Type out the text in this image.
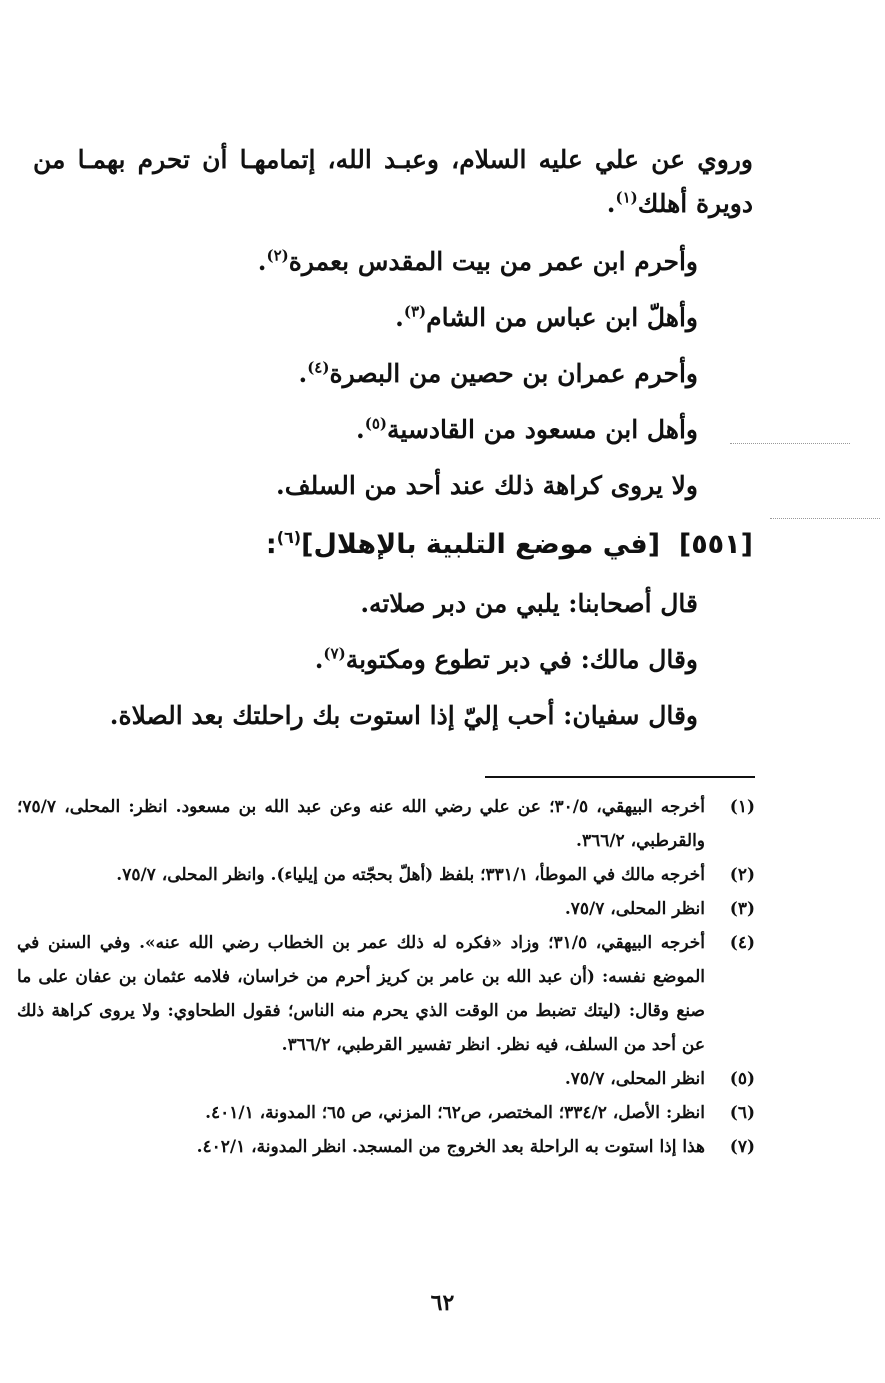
وروي عن علي عليه السلام، وعبـد الله، إتمامهـا أن تحرم بهمـا من دويرة أهلك$^{(١)}$.

وأحرم ابن عمر من بيت المقدس بعمرة$^{(٢)}$.

وأهلّ ابن عباس من الشام$^{(٣)}$.

وأحرم عمران بن حصين من البصرة$^{(٤)}$.

وأهل ابن مسعود من القادسية$^{(٥)}$.

ولا يروى كراهة ذلك عند أحد من السلف.

[٥٥١]  [في موضع التلبية بالإهلال]$^{(٦)}$:

قال أصحابنا: يلبي من دبر صلاته.

وقال مالك: في دبر تطوع ومكتوبة$^{(٧)}$.

وقال سفيان: أحب إليّ إذا استوت بك راحلتك بعد الصلاة.

(١)
أخرجه البيهقي، ٣٠/٥؛ عن علي رضي الله عنه وعن عبد الله بن مسعود. انظر: المحلى، ٧٥/٧؛ والقرطبي، ٣٦٦/٢.

(٢)
أخرجه مالك في الموطأ، ٣٣١/١؛ بلفظ (أهلّ بحجّته من إيلياء). وانظر المحلى، ٧٥/٧.

(٣)
انظر المحلى، ٧٥/٧.

(٤)
أخرجه البيهقي، ٣١/٥؛ وزاد «فكره له ذلك عمر بن الخطاب رضي الله عنه». وفي السنن في الموضع نفسه: (أن عبد الله بن عامر بن كريز أحرم من خراسان، فلامه عثمان بن عفان على ما صنع وقال: (ليتك تضبط من الوقت الذي يحرم منه الناس؛ فقول الطحاوي: ولا يروى كراهة ذلك عن أحد من السلف، فيه نظر. انظر تفسير القرطبي، ٣٦٦/٢.

(٥)
انظر المحلى، ٧٥/٧.

(٦)
انظر: الأصل، ٣٣٤/٢؛ المختصر، ص٦٢؛ المزني، ص ٦٥؛ المدونة، ٤٠١/١.

(٧)
هذا إذا استوت به الراحلة بعد الخروج من المسجد. انظر المدونة، ٤٠٢/١.

٦٢
